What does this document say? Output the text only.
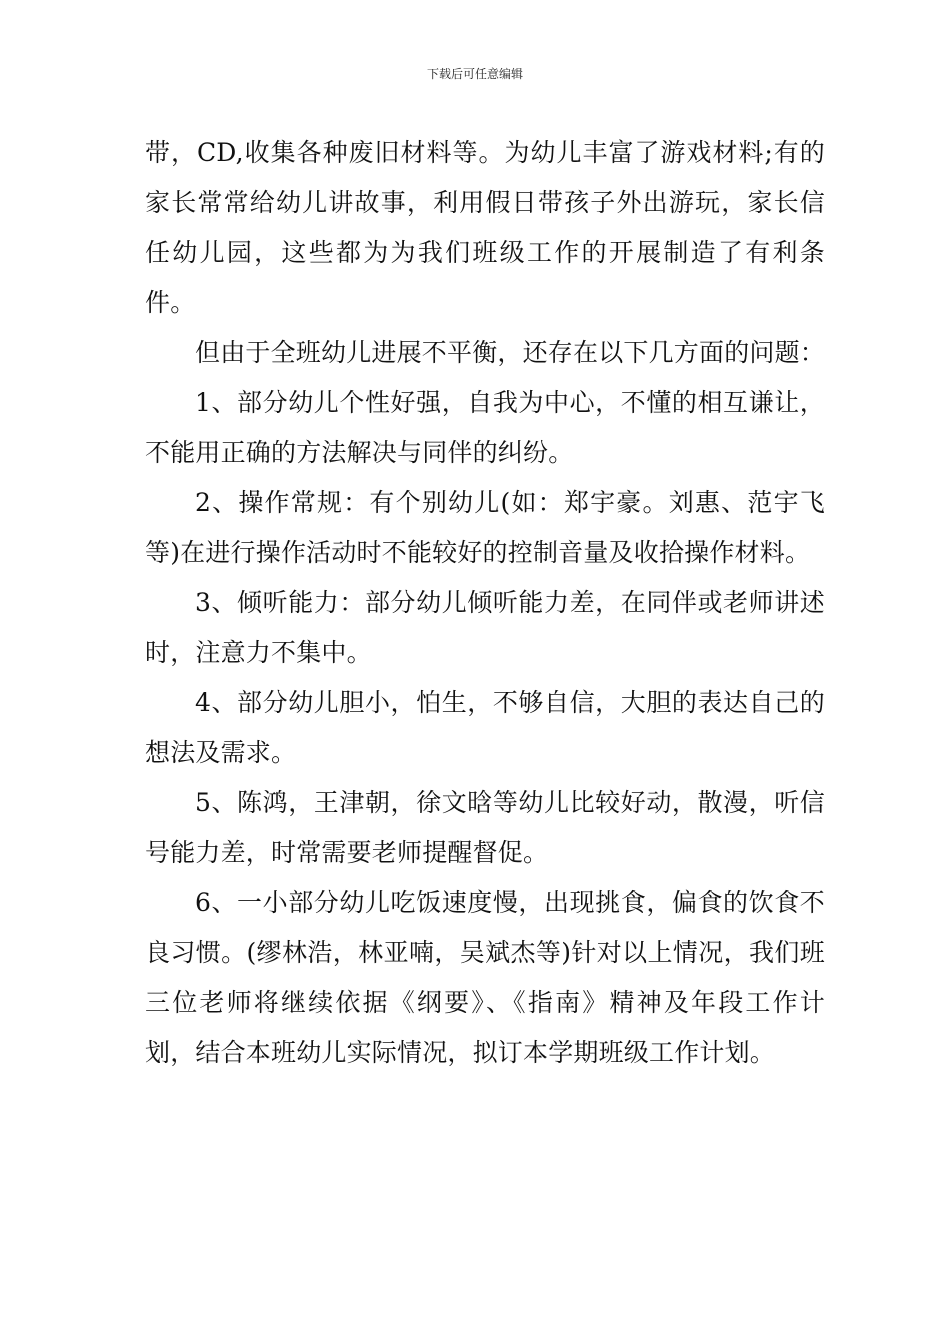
下载后可任意编辑

带，CD,收集各种废旧材料等。为幼儿丰富了游戏材料;有的家长常常给幼儿讲故事，利用假日带孩子外出游玩，家长信任幼儿园，这些都为为我们班级工作的开展制造了有利条件。

但由于全班幼儿进展不平衡，还存在以下几方面的问题：

1、部分幼儿个性好强，自我为中心，不懂的相互谦让，不能用正确的方法解决与同伴的纠纷。

2、操作常规：有个别幼儿(如：郑宇豪。刘惠、范宇飞等)在进行操作活动时不能较好的控制音量及收拾操作材料。

3、倾听能力：部分幼儿倾听能力差，在同伴或老师讲述时，注意力不集中。

4、部分幼儿胆小，怕生，不够自信，大胆的表达自己的想法及需求。

5、陈鸿，王津朝，徐文晗等幼儿比较好动，散漫，听信号能力差，时常需要老师提醒督促。

6、一小部分幼儿吃饭速度慢，出现挑食，偏食的饮食不良习惯。(缪林浩，林亚喃，吴斌杰等)针对以上情况，我们班三位老师将继续依据《纲要》、《指南》精神及年段工作计划，结合本班幼儿实际情况，拟订本学期班级工作计划。
